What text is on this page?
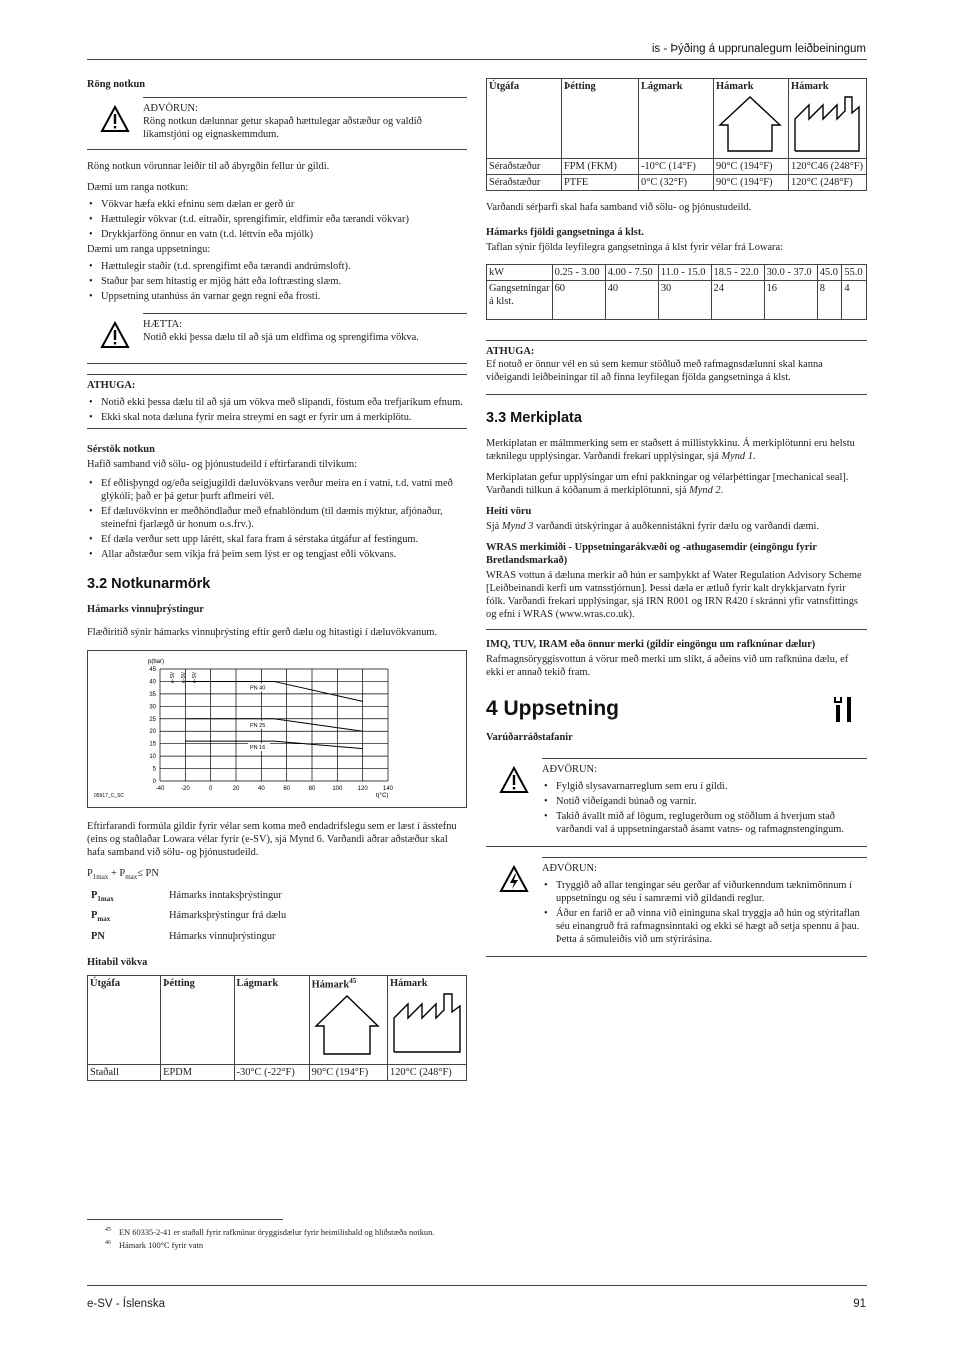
is - Þýðing á upprunalegum leiðbeiningum

Röng notkun

AÐVÖRUN:
Röng notkun dælunnar getur skapað hættulegar aðstæður og valdið líkamstjóni og eignaskemmdum.

Röng notkun vörunnar leiðir til að ábyrgðin fellur úr gildi.

Dæmi um ranga notkun:

• Vökvar hæfa ekki efninu sem dælan er gerð úr
• Hættulegir vökvar (t.d. eitraðir, sprengifimir, eldfimir eða tærandi vökvar)
• Drykkjarföng önnur en vatn (t.d. léttvín eða mjólk)

Dæmi um ranga uppsetningu:

• Hættulegir staðir (t.d. sprengifimt eða tærandi andrúmsloft).
• Staður þar sem hitastig er mjög hátt eða loftræsting slæm.
• Uppsetning utanhúss án varnar gegn regni eða frosti.
HÆTTA:
Notið ekki þessa dælu til að sjá um eldfima og sprengifima vökva.
ATHUGA:
• Notið ekki þessa dælu til að sjá um vökva með slípandi, föstum eða trefjaríkum efnum.
• Ekki skal nota dæluna fyrir meira streymi en sagt er fyrir um á merkiplötu.

Sérstök notkun

Hafið samband við sölu- og þjónustudeild í eftirfarandi tilvikum:

• Ef eðlisþyngd og/eða seigjugildi dæluvökvans verður meira en í vatni, t.d. vatni með glýkóli; það er þá getur þurft aflmeiri vél.
• Ef dæluvökvinn er meðhöndlaður með efnablöndum (til dæmis mýktur, afjónaður, steinefni fjarlægð úr honum o.s.frv.).
• Ef dæla verður sett upp lárétt, skal fara fram á sérstaka útgáfur af festingum.
• Allar aðstæður sem víkja frá þeim sem lýst er og tengjast eðli vökvans.
3.2 Notkunarmörk

Hámarks vinnuþrýstingur

Flæðiritið sýnir hámarks vinnuþrýsting eftir gerð dælu og hitastigi í dæluvökvanum.

-40	-20	0	20	40	60	80	100	120	140
0
5
10
15
20
25
30
35
40
45
p(bar)
t(°C)
05917_C_SC
e-SV e-SV e-SV
PN 40
PN 25
PN 16

Eftirfarandi formúla gildir fyrir vélar sem koma með endadrifslegu sem er læst í ásstefnu (eins og staðlaðar Lowara vélar fyrir (e-SV), sjá Mynd 6. Varðandi aðrar aðstæður skal hafa samband við sölu- og þjónustudeild.

$P_{1max} + P_{max}\le$ PN

$P_{1max}$	Hámarks inntaksþrýstingur
$P_{max}$	Hámarksþrýstingur frá dælu
PN	Hámarks vinnuþrýstingur

Hitabil vökva

Útgáfa	Þétting	Lágmark	Hámark$^{45}$	Hámark

Staðall	EPDM	-30°C (-22°F)	90°C (194°F)	120°C (248°F)
Útgáfa	Þétting	Lágmark	Hámark	Hámark

Séraðstæður	FPM (FKM)	-10°C (14°F)	90°C (194°F)	120°C46 (248°F)
Séraðstæður	PTFE	0°C (32°F)	90°C (194°F)	120°C (248°F)

Varðandi sérþarfi skal hafa samband við sölu- og þjónustudeild.

Hámarks fjöldi gangsetninga á klst.

Taflan sýnir fjölda leyfilegra gangsetninga á klst fyrir vélar frá Lowara:

kW	0.25 - 3.00	4.00 - 7.50	11.0 - 15.0	18.5 - 22.0	30.0 - 37.0	45.0	55.0
Gangsetningar á klst.	60	40	30	24	16	8	4
ATHUGA:
Ef notuð er önnur vél en sú sem kemur stöðluð með rafmagnsdælunni skal kanna viðeigandi leiðbeiningar til að finna leyfilegan fjölda gangsetninga á klst.
3.3 Merkiplata

Merkiplatan er málmmerking sem er staðsett á millistykkinu. Á merkiplötunni eru helstu tæknilegu upplýsingar. Varðandi frekari upplýsingar, sjá Mynd 1.

Merkiplatan gefur upplýsingar um efni pakkningar og vélarþéttingar [mechanical seal]. Varðandi túlkun á kóðanum á merkiplötunni, sjá Mynd 2.

Heiti vöru

Sjá Mynd 3 varðandi útskýringar á auðkennistákni fyrir dælu og varðandi dæmi.

WRAS merkimiði - Uppsetningarákvæði og -athugasemdir (eingöngu fyrir Bretlandsmarkað)

WRAS vottun á dæluna merkir að hún er samþykkt af Water Regulation Advisory Scheme [Leiðbeinandi kerfi um vatnsstjórnun]. Þessi dæla er ætluð fyrir kalt drykkjarvatn fyrir fólk. Varðandi frekari upplýsingar, sjá IRN R001 og IRN R420 í skránni yfir vatnsfittings og efni í WRAS (www.wras.co.uk).

IMQ, TUV, IRAM eða önnur merki (gildir eingöngu um rafknúnar dælur)

Rafmagnsöryggisvottun á vörur með merki um slíkt, á aðeins við um rafknúna dælu, ef ekki er annað tekið fram.

4 Uppsetning

Varúðarráðstafanir

AÐVÖRUN:
• Fylgið slysavarnarreglum sem eru í gildi.
• Notið viðeigandi búnað og varnir.
• Takið ávallt mið af lögum, reglugerðum og stöðlum á hverjum stað varðandi val á uppsetningarstað ásamt vatns- og rafmagnstengingum.
AÐVÖRUN:
• Tryggið að allar tengingar séu gerðar af viðurkenndum tæknimönnum í uppsetningu og séu í samræmi við gildandi reglur.
• Áður en farið er að vinna við eininguna skal tryggja að hún og stýritaflan séu einangruð frá rafmagnsinntaki og ekki sé hægt að setja spennu á þau. Þetta á sömuleiðis við um stýrirásina.
$^{45}$ EN 60335-2-41 er staðall fyrir rafknúnar öryggisdælur fyrir heimilishald og hliðstæða notkun.
$^{46}$ Hámark 100°C fyrir vatn
e-SV - Íslenska	91
